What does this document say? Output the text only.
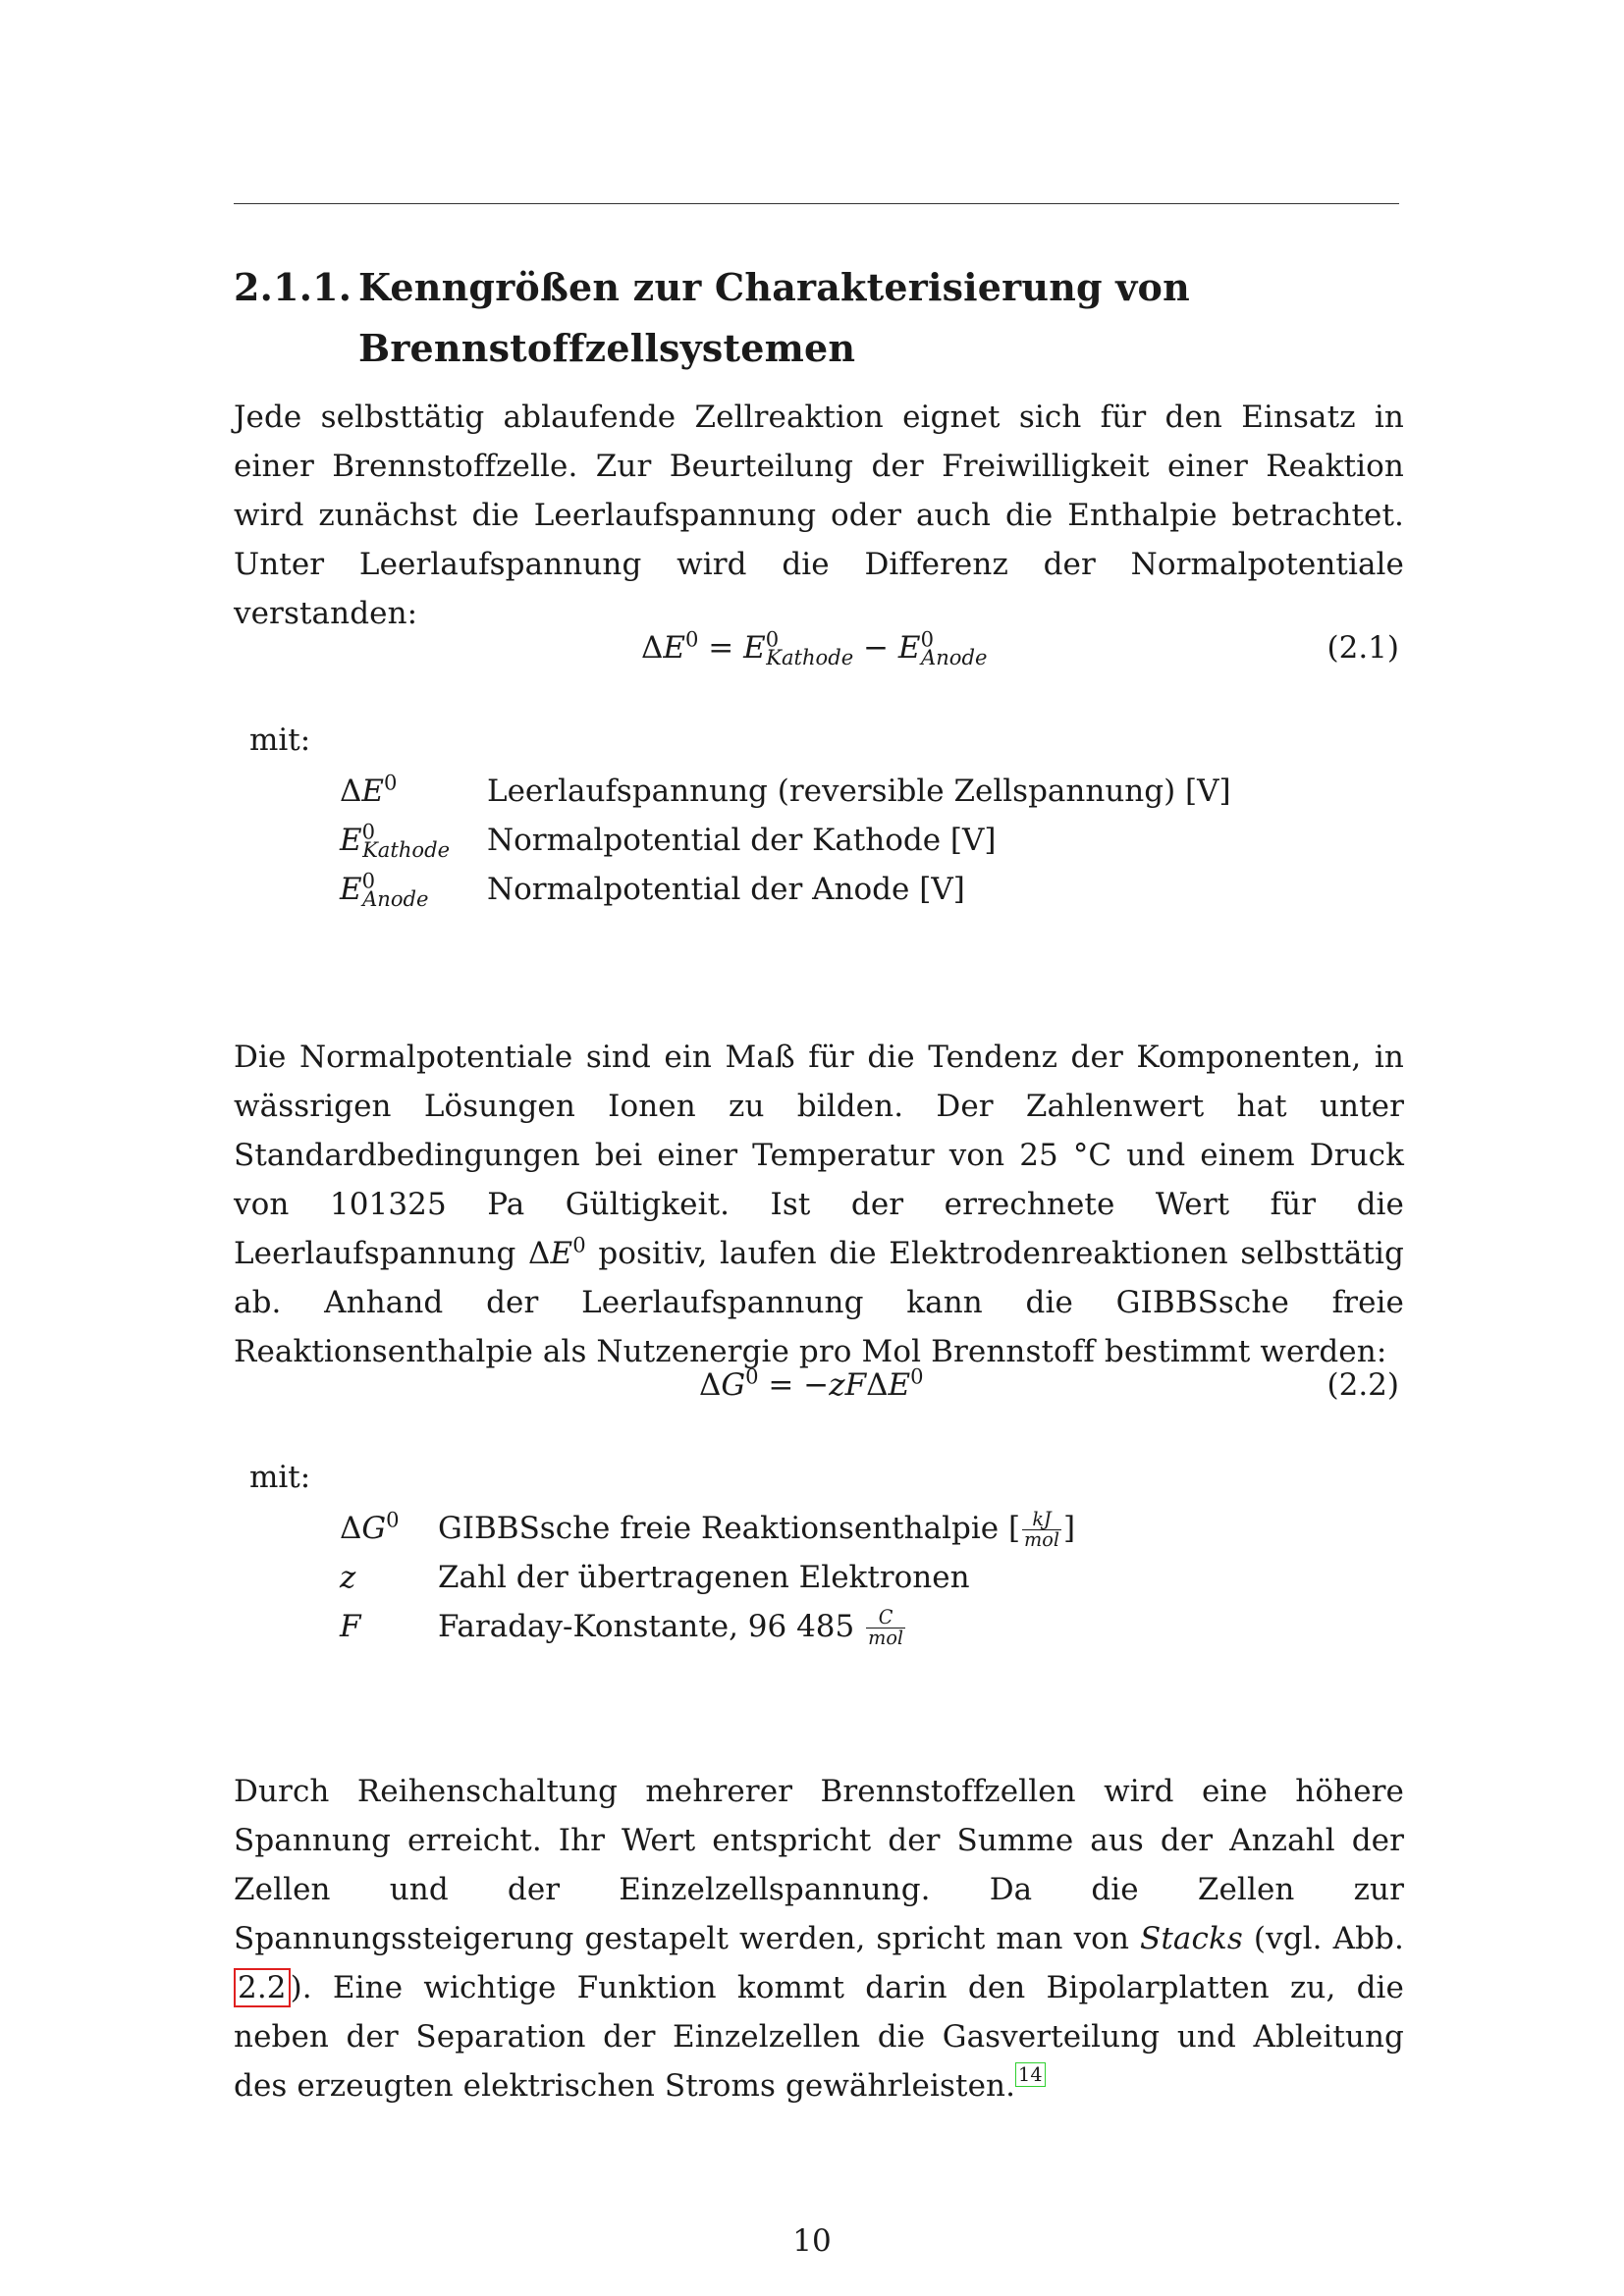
2.1.1. Kenngrößen zur Charakterisierung von
Brennstoffzellsystemen
Jede selbsttätig ablaufende Zellreaktion eignet sich für den Einsatz in einer Brennstoffzelle. Zur Beurteilung der Freiwilligkeit einer Reaktion wird zunächst die Leerlaufspannung oder auch die Enthalpie betrachtet. Unter Leerlaufspannung wird die Differenz der Normalpotentiale verstanden:
$\Delta E^0 = E^0_{Kathode} - E^0_{Anode}$	(2.1)
mit:
$\Delta E^0$	Leerlaufspannung (reversible Zellspannung) [V]
$E^0_{Kathode}$ Normalpotential der Kathode [V]
$E^0_{Anode}$ Normalpotential der Anode [V]
Die Normalpotentiale sind ein Maß für die Tendenz der Komponenten, in wässrigen Lösungen Ionen zu bilden. Der Zahlenwert hat unter Standardbedingungen bei einer Temperatur von 25 °C und einem Druck von 101325 Pa Gültigkeit. Ist der errechnete Wert für die Leerlaufspannung $\Delta E^0$ positiv, laufen die Elektrodenreaktionen selbsttätig ab. Anhand der Leerlaufspannung kann die GIBBSsche freie Reaktionsenthalpie als Nutzenergie pro Mol Brennstoff bestimmt werden:
$\Delta G^0 = -zF\Delta E^0$	(2.2)
mit:
$\Delta G^0$ GIBBSsche freie Reaktionsenthalpie [ $\frac{kJ}{\text{mol}}$ ]
z	Zahl der übertragenen Elektronen
F	Faraday-Konstante, 96 $485 \frac{C}{\text{mol}}$
Durch Reihenschaltung mehrerer Brennstoffzellen wird eine höhere Spannung erreicht. Ihr Wert entspricht der Summe aus der Anzahl der Zellen und der Einzelzellspannung. Da die Zellen zur Spannungssteigerung gestapelt werden, spricht man von Stacks (vgl. Abb. 2.2 ). Eine wichtige Funktion kommt darin den Bipolarplatten zu, die neben der Separation der Einzelzellen die Gasverteilung und Ableitung des erzeugten elektrischen Stroms gewährleisten. $^{14}$
10
